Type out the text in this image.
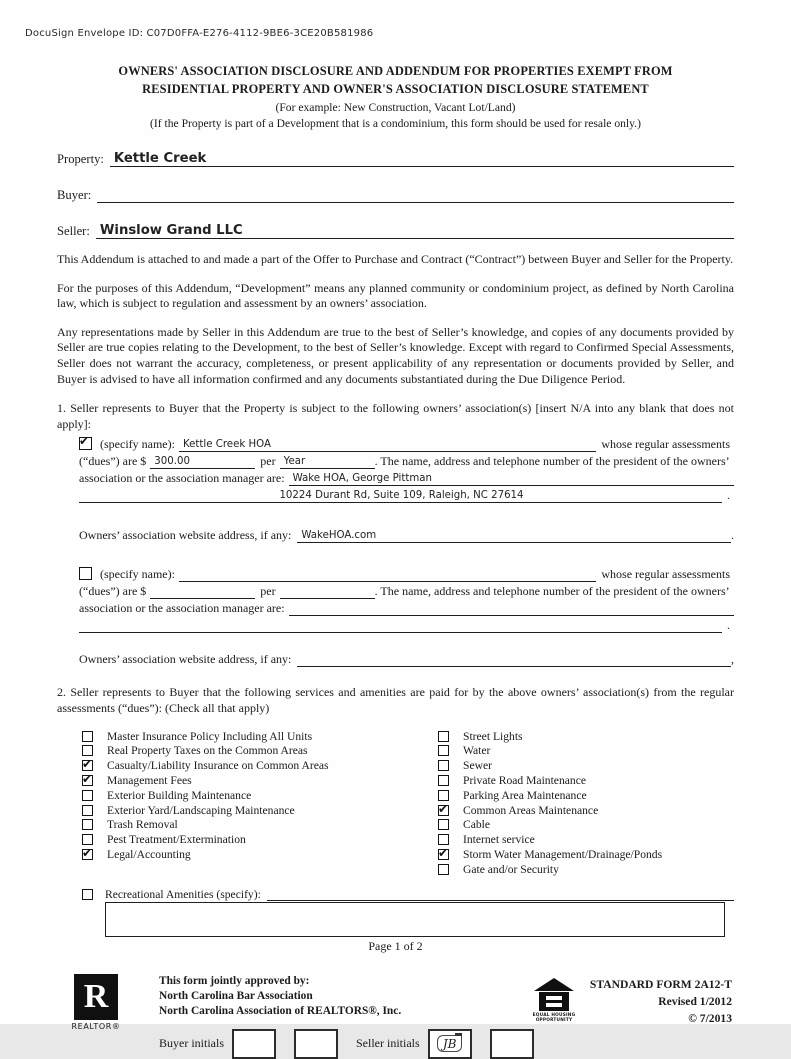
DocuSign Envelope ID: C07D0FFA-E276-4112-9BE6-3CE20B581986
OWNERS' ASSOCIATION DISCLOSURE AND ADDENDUM FOR PROPERTIES EXEMPT FROM
RESIDENTIAL PROPERTY AND OWNER'S ASSOCIATION DISCLOSURE STATEMENT
(For example: New Construction, Vacant Lot/Land)
(If the Property is part of a Development that is a condominium, this form should be used for resale only.)
Property: Kettle Creek
Buyer:
Seller: Winslow Grand LLC

This Addendum is attached to and made a part of the Offer to Purchase and Contract (“Contract”) between Buyer and Seller for the Property.

For the purposes of this Addendum, “Development” means any planned community or condominium project, as defined by North Carolina law, which is subject to regulation and assessment by an owners’ association.

Any representations made by Seller in this Addendum are true to the best of Seller’s knowledge, and copies of any documents provided by Seller are true copies relating to the Development, to the best of Seller’s knowledge. Except with regard to Confirmed Special Assessments, Seller does not warrant the accuracy, completeness, or present applicability of any representation or documents provided by Seller, and Buyer is advised to have all information confirmed and any documents substantiated during the Due Diligence Period.

1. Seller represents to Buyer that the Property is subject to the following owners’ association(s) [insert N/A into any blank that does not apply]:

✔
(specify name): Kettle Creek HOA	whose regular assessments
(“dues”) are $ 300.00	per Year	. The name, address and telephone number of the president of the owners’
association or the association manager are: Wake HOA, George Pittman
10224 Durant Rd, Suite 109, Raleigh, NC 27614	.
Owners’ association website address, if any: WakeHOA.com	.
(specify name):	whose regular assessments
(“dues”) are $	per	. The name, address and telephone number of the president of the owners’
association or the association manager are:
.
Owners’ association website address, if any:	,

2. Seller represents to Buyer that the following services and amenities are paid for by the above owners’ association(s) from the regular assessments (“dues”): (Check all that apply)

Master Insurance Policy Including All Units
Real Property Taxes on the Common Areas
✔
Casualty/Liability Insurance on Common Areas
✔
Management Fees
Exterior Building Maintenance
Exterior Yard/Landscaping Maintenance
Trash Removal
Pest Treatment/Extermination
✔
Legal/Accounting
Street Lights
Water
Sewer
Private Road Maintenance
Parking Area Maintenance
✔
Common Areas Maintenance
Cable
Internet service
✔
Storm Water Management/Drainage/Ponds
Gate and/or Security
Recreational Amenities (specify):
Page 1 of 2
R
REALTOR®
This form jointly approved by:
North Carolina Bar Association
North Carolina Association of REALTORS®, Inc.
Buyer initials	Seller initials	JB
EQUAL HOUSING OPPORTUNITY
STANDARD FORM 2A12-T
Revised 1/2012
© 7/2013
